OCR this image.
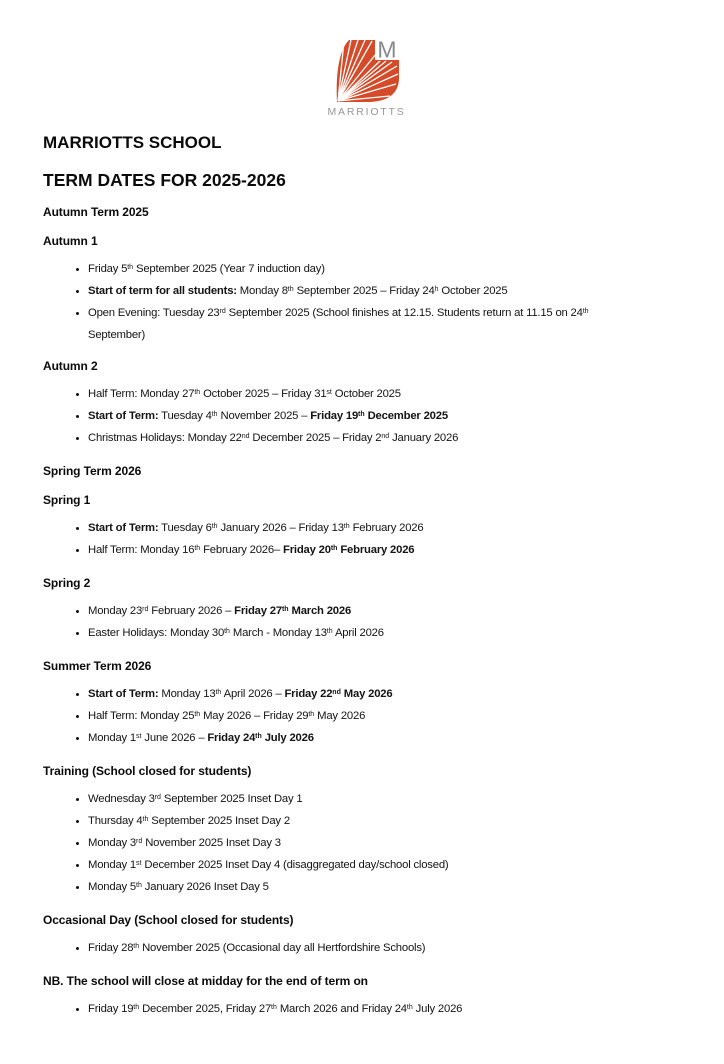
M
MARRIOTTS
MARRIOTTS SCHOOL
TERM DATES FOR 2025-2026
Autumn Term 2025
Autumn 1
• Friday 5th September 2025 (Year 7 induction day)
• Start of term for all students: Monday 8th September 2025 – Friday 24$^h$ October 2025
• Open Evening: Tuesday 23rd September 2025 (School finishes at 12.15. Students return at 11.15 on 24th
September)
Autumn 2
• Half Term: Monday 27th October 2025 – Friday 31st October 2025
• Start of Term: Tuesday 4th November 2025 – Friday 19th December 2025
• Christmas Holidays: Monday 22nd December 2025 – Friday 2nd January 2026
Spring Term 2026
Spring 1
• Start of Term: Tuesday 6th January 2026 – Friday 13th February 2026
• Half Term: Monday 16th February 2026– Friday 20th February 2026
Spring 2
• Monday 23rd February 2026 – Friday 27th March 2026
• Easter Holidays: Monday 30th March - Monday 13th April 2026
Summer Term 2026
• Start of Term: Monday 13th April 2026 – Friday 22nd May 2026
• Half Term: Monday 25th May 2026 – Friday 29th May 2026
• Monday 1st June 2026 – Friday 24th July 2026
Training (School closed for students)
• Wednesday 3rd September 2025 Inset Day 1
• Thursday 4th September 2025 Inset Day 2
• Monday 3rd November 2025 Inset Day 3
• Monday 1st December 2025 Inset Day 4 (disaggregated day/school closed)
• Monday 5th January 2026 Inset Day 5
Occasional Day (School closed for students)
• Friday 28th November 2025 (Occasional day all Hertfordshire Schools)
NB. The school will close at midday for the end of term on
• Friday 19th December 2025, Friday 27th March 2026 and Friday 24th July 2026
